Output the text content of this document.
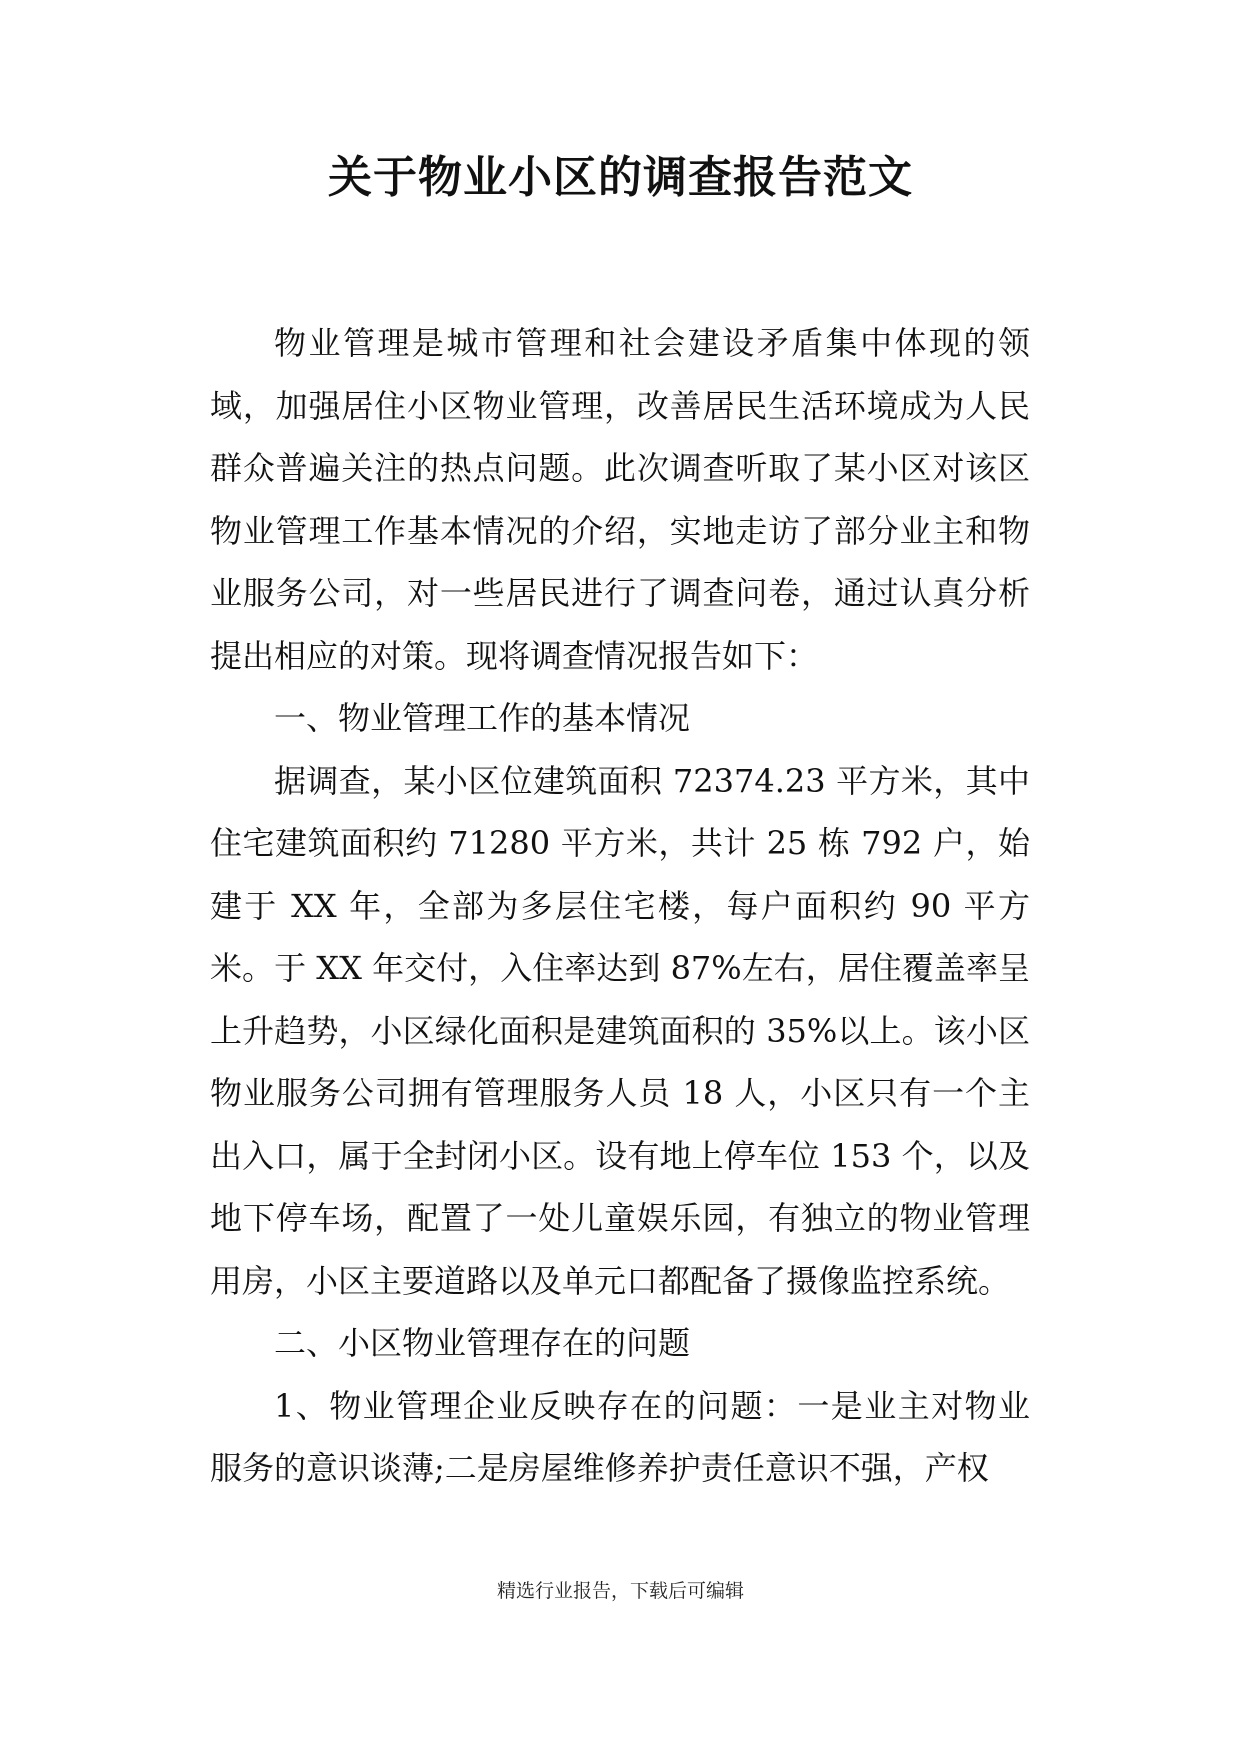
关于物业小区的调查报告范文

物业管理是城市管理和社会建设矛盾集中体现的领域，加强居住小区物业管理，改善居民生活环境成为人民群众普遍关注的热点问题。此次调查听取了某小区对该区物业管理工作基本情况的介绍，实地走访了部分业主和物业服务公司，对一些居民进行了调查问卷，通过认真分析提出相应的对策。现将调查情况报告如下：

一、物业管理工作的基本情况

据调查，某小区位建筑面积 72374.23 平方米，其中住宅建筑面积约 71280 平方米，共计 25 栋 792 户，始建于 XX 年，全部为多层住宅楼，每户面积约 90 平方米。于 XX 年交付，入住率达到 87%左右，居住覆盖率呈上升趋势，小区绿化面积是建筑面积的 35%以上。该小区物业服务公司拥有管理服务人员 18 人，小区只有一个主出入口，属于全封闭小区。设有地上停车位 153 个，以及地下停车场，配置了一处儿童娱乐园，有独立的物业管理用房，小区主要道路以及单元口都配备了摄像监控系统。

二、小区物业管理存在的问题

1、物业管理企业反映存在的问题：一是业主对物业服务的意识谈薄;二是房屋维修养护责任意识不强，产权

精选行业报告，下载后可编辑
